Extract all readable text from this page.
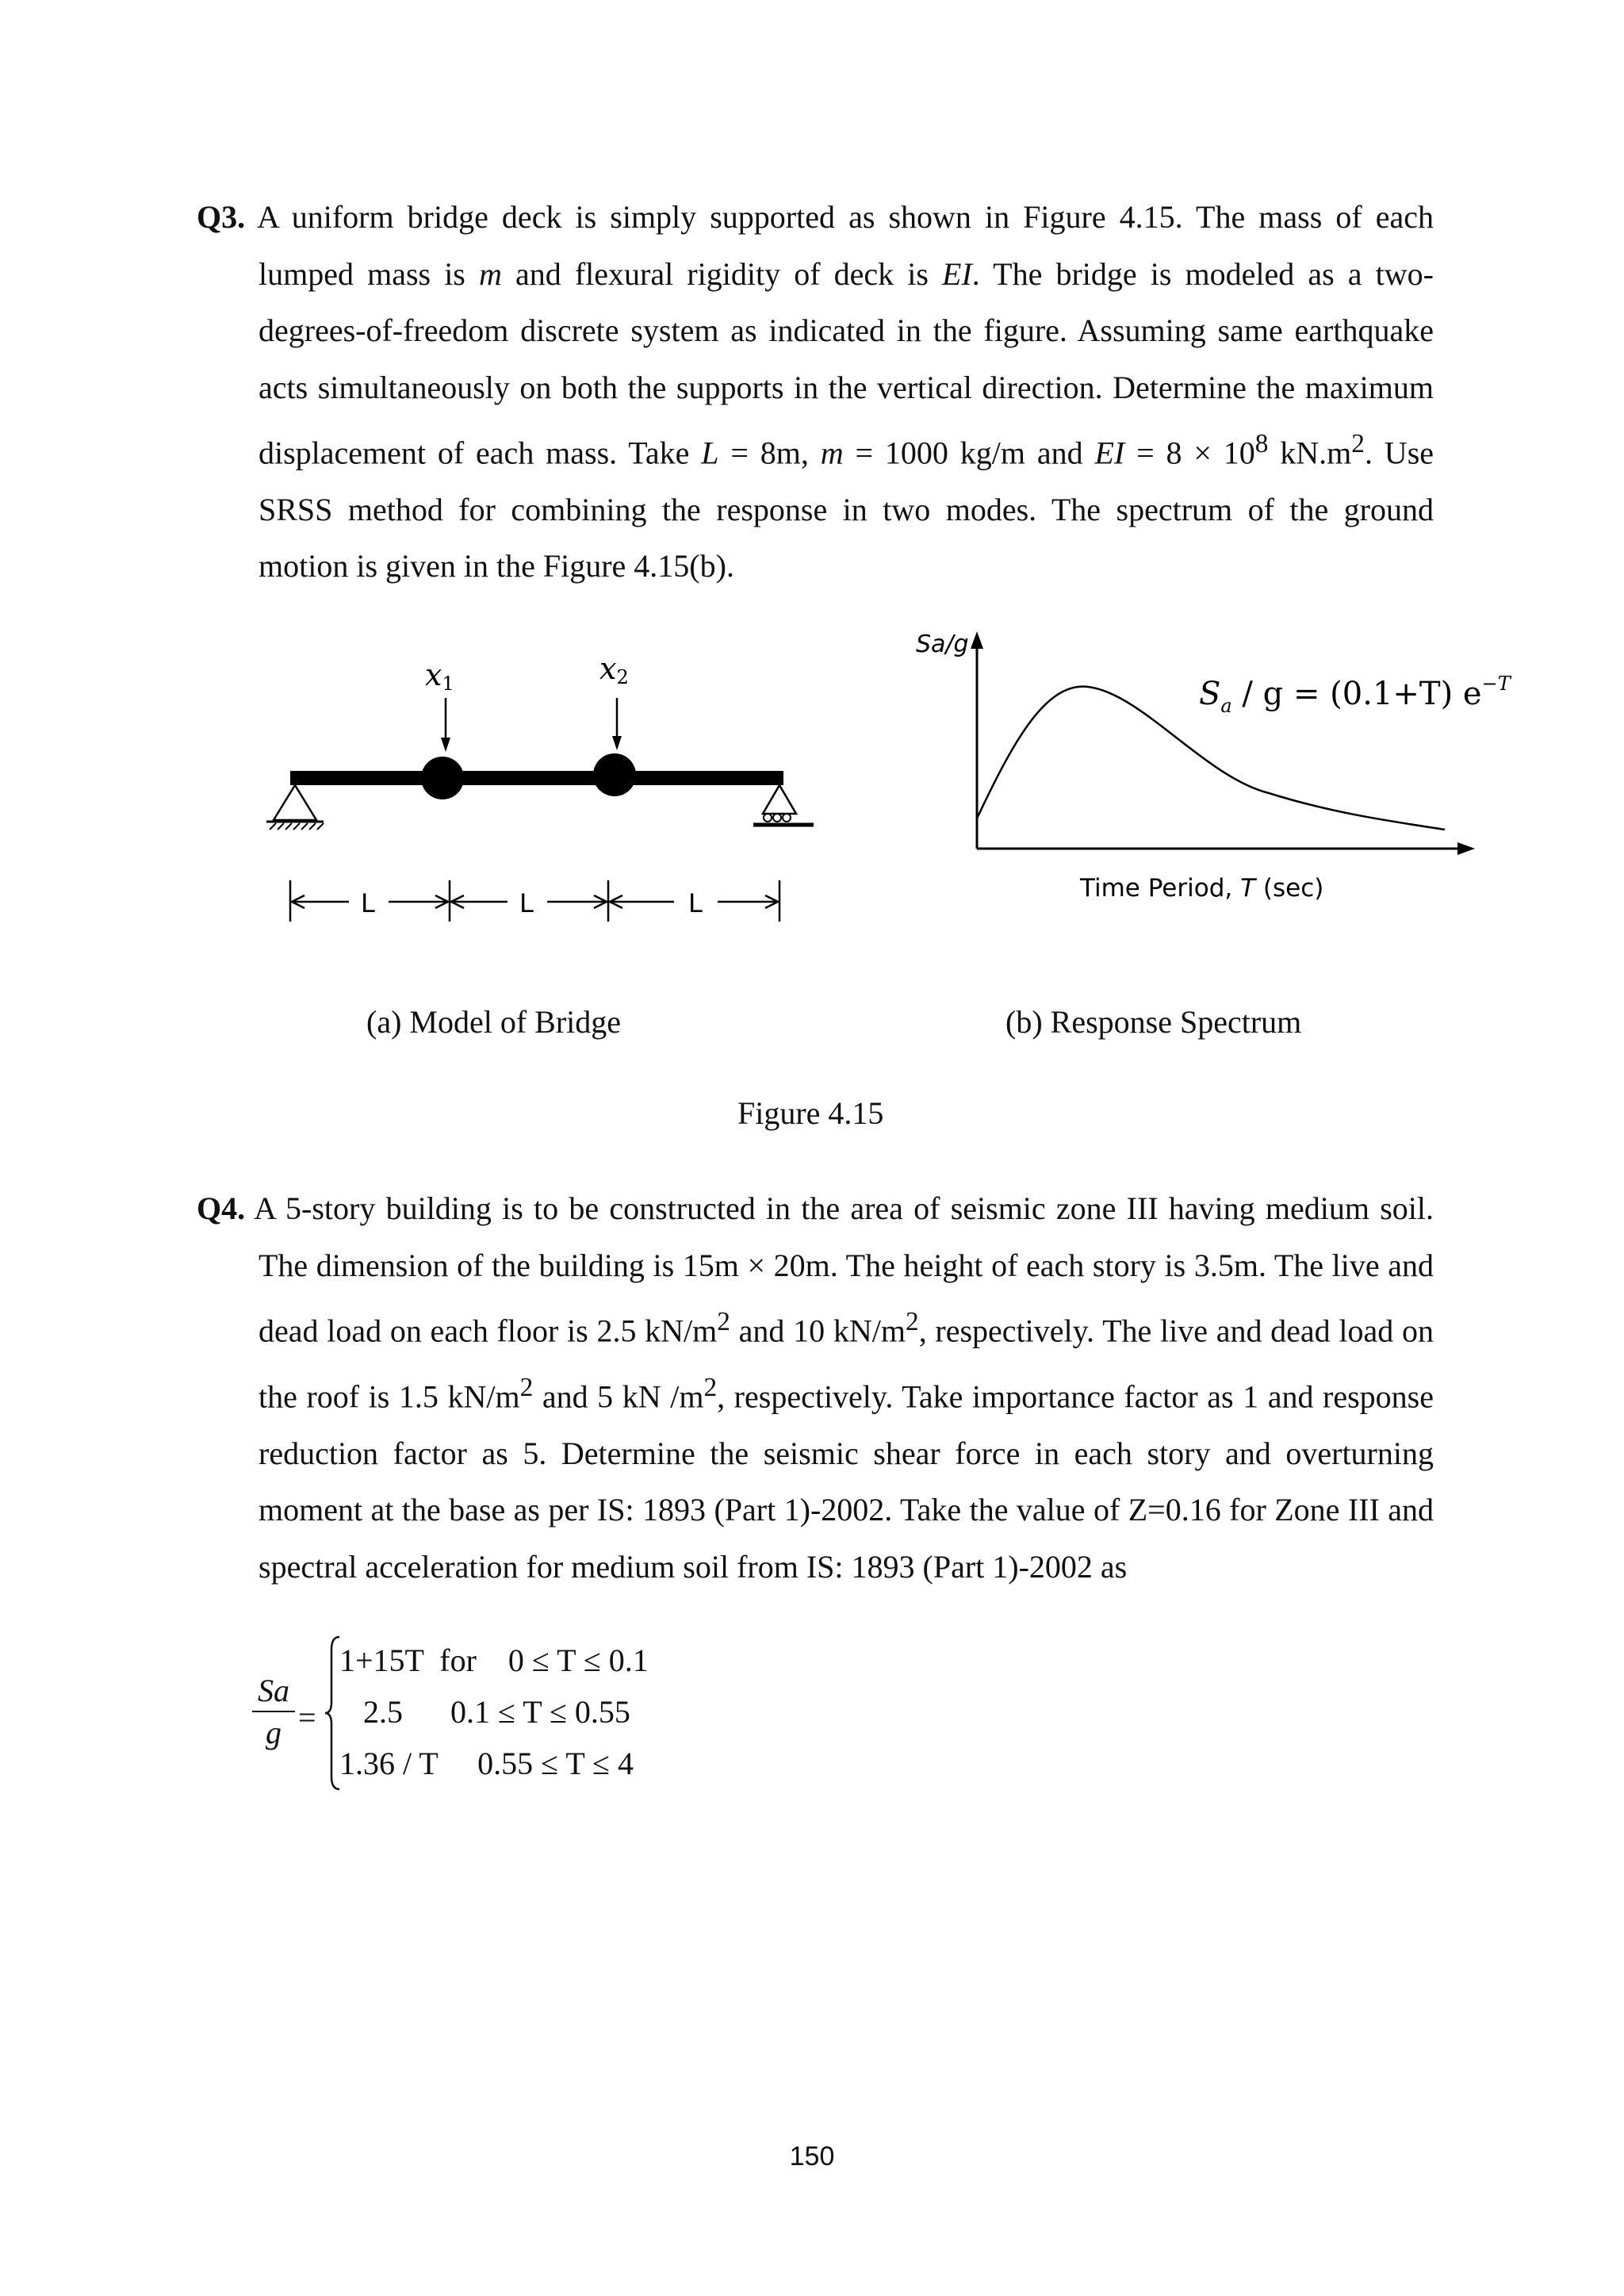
Q3. A uniform bridge deck is simply supported as shown in Figure 4.15. The mass of each lumped mass is m and flexural rigidity of deck is EI. The bridge is modeled as a two-degrees-of-freedom discrete system as indicated in the figure. Assuming same earthquake acts simultaneously on both the supports in the vertical direction. Determine the maximum displacement of each mass. Take L = 8m, m = 1000 kg/m and EI = $8 \times 10^8$ $kN.m^2$. Use SRSS method for combining the response in two modes. The spectrum of the ground motion is given in the Figure 4.15(b).
x1	x2
L	L	L
Sa/g
$S_a / g = (0.1+T)$ $e^{-T}$
Time Period, T (sec)
(a) Model of Bridge	(b) Response Spectrum
Figure 4.15
Q4. A 5-story building is to be constructed in the area of seismic zone III having medium soil. The dimension of the building is 15m × 20m. The height of each story is 3.5m. The live and dead load on each floor is 2.5 $kN/m^2$ and 10 $kN/m^2$, respectively. The live and dead load on the roof is 1.5 $kN/m^2$ and 5 kN $/m^2$, respectively. Take importance factor as 1 and response reduction factor as 5. Determine the seismic shear force in each story and overturning moment at the base as per IS: 1893 (Part 1)-2002. Take the value of Z=0.16 for Zone III and spectral acceleration for medium soil from IS: 1893 (Part 1)-2002 as
Sa
g =
1+15T  for    0 ≤ T ≤ 0.1
2.5      0.1 ≤ T ≤ 0.55
1.36 / T     0.55 ≤ T ≤ 4
150
